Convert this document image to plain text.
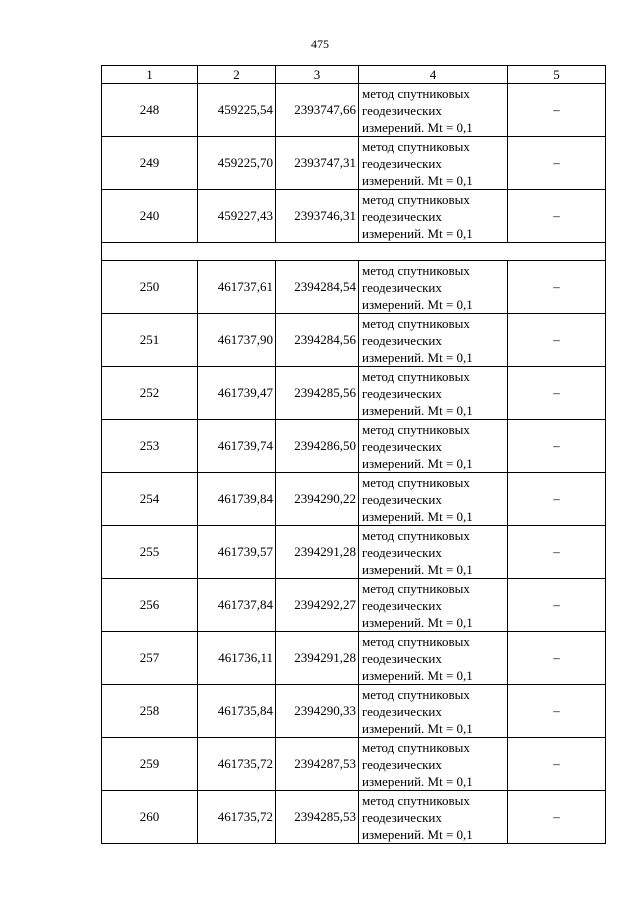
475
1	2	3	4	5
248	459225,54	2393747,66	метод спутниковых
геодезических
измерений. Mt = 0,1	–
249	459225,70	2393747,31	метод спутниковых
геодезических
измерений. Mt = 0,1	–
240	459227,43	2393746,31	метод спутниковых
геодезических
измерений. Mt = 0,1	–

250	461737,61	2394284,54	метод спутниковых
геодезических
измерений. Mt = 0,1	–
251	461737,90	2394284,56	метод спутниковых
геодезических
измерений. Mt = 0,1	–
252	461739,47	2394285,56	метод спутниковых
геодезических
измерений. Mt = 0,1	–
253	461739,74	2394286,50	метод спутниковых
геодезических
измерений. Mt = 0,1	–
254	461739,84	2394290,22	метод спутниковых
геодезических
измерений. Mt = 0,1	–
255	461739,57	2394291,28	метод спутниковых
геодезических
измерений. Mt = 0,1	–
256	461737,84	2394292,27	метод спутниковых
геодезических
измерений. Mt = 0,1	–
257	461736,11	2394291,28	метод спутниковых
геодезических
измерений. Mt = 0,1	–
258	461735,84	2394290,33	метод спутниковых
геодезических
измерений. Mt = 0,1	–
259	461735,72	2394287,53	метод спутниковых
геодезических
измерений. Mt = 0,1	–
260	461735,72	2394285,53	метод спутниковых
геодезических
измерений. Mt = 0,1	–
